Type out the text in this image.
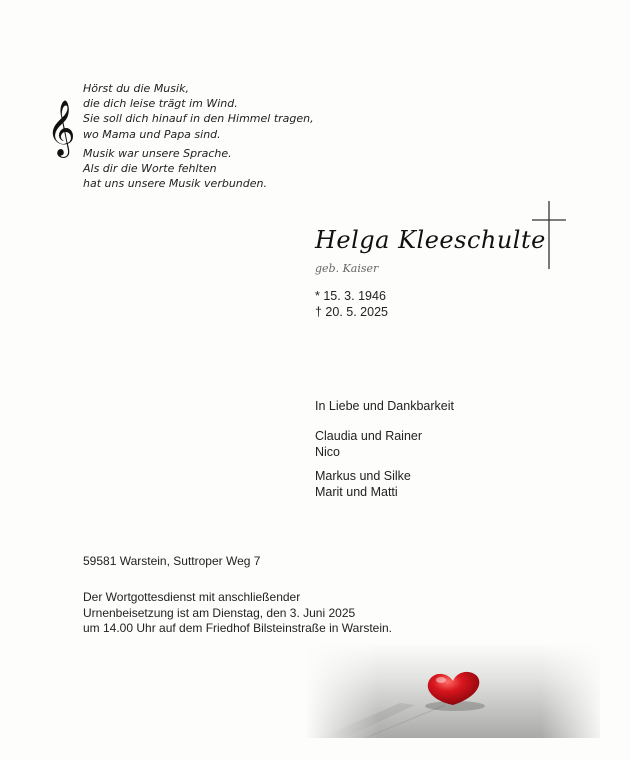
𝄞
Hörst du die Musik,
die dich leise trägt im Wind.
Sie soll dich hinauf in den Himmel tragen,
wo Mama und Papa sind.
Musik war unsere Sprache.
Als dir die Worte fehlten
hat uns unsere Musik verbunden.
Helga Kleeschulte
geb. Kaiser
* 15. 3. 1946
† 20. 5. 2025
In Liebe und Dankbarkeit
Claudia und Rainer
Nico
Markus und Silke
Marit und Matti
59581 Warstein, Suttroper Weg 7
Der Wortgottesdienst mit anschließender
Urnenbeisetzung ist am Dienstag, den 3. Juni 2025
um 14.00 Uhr auf dem Friedhof Bilsteinstraße in Warstein.
